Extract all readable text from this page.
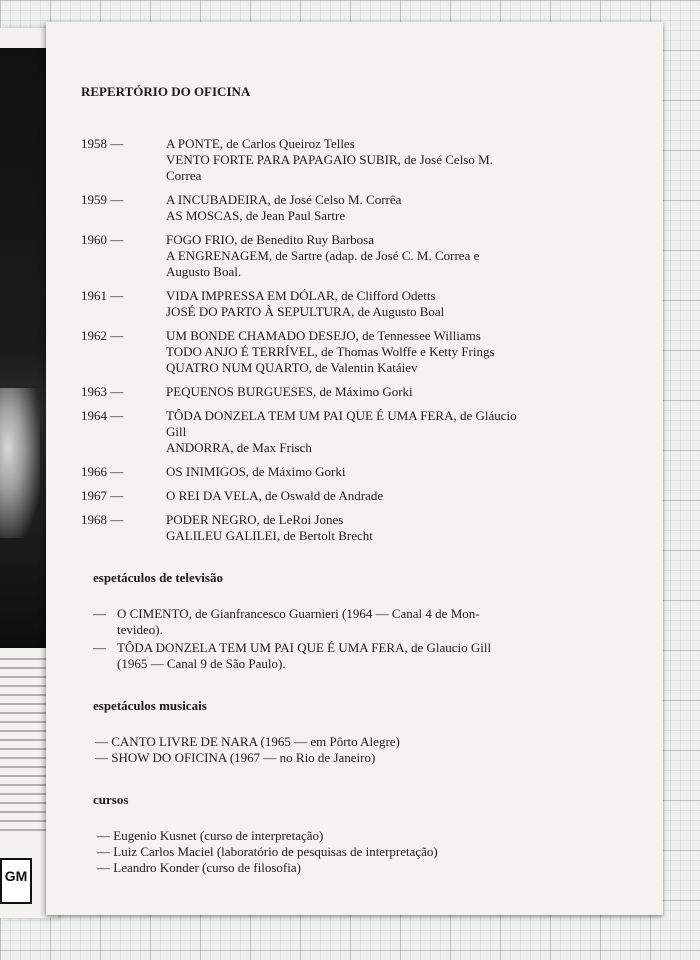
GM
REPERTÓRIO DO OFICINA
1958 —	A PONTE, de Carlos Queiroz Telles
VENTO FORTE PARA PAPAGAIO SUBIR, de José Celso M.
Correa
1959 —	A INCUBADEIRA, de José Celso M. Corrêa
AS MOSCAS, de Jean Paul Sartre
1960 —	FOGO FRIO, de Benedito Ruy Barbosa
A ENGRENAGEM, de Sartre (adap. de José C. M. Correa e
Augusto Boal.
1961 —	VIDA IMPRESSA EM DÓLAR, de Clifford Odetts
JOSÉ DO PARTO À SEPULTURA, de Augusto Boal
1962 —	UM BONDE CHAMADO DESEJO, de Tennessee Williams
TODO ANJO É TERRÍVEL, de Thomas Wolffe e Ketty Frings
QUATRO NUM QUARTO, de Valentin Katáiev
1963 —	PEQUENOS BURGUESES, de Máximo Gorki
1964 —	TÔDA DONZELA TEM UM PAI QUE É UMA FERA, de Gláucio
Gill
ANDORRA, de Max Frisch
1966 —	OS INIMIGOS, de Máximo Gorki
1967 —	O REI DA VELA, de Oswald de Andrade
1968 —	PODER NEGRO, de LeRoi Jones
GALILEU GALILEI, de Bertolt Brecht
espetáculos de televisão
— O CIMENTO, de Gianfrancesco Guarnieri (1964 — Canal 4 de Mon-
tevideo).
— TÔDA DONZELA TEM UM PAI QUE É UMA FERA, de Glaucio Gill
(1965 — Canal 9 de São Paulo).
espetáculos musicais
— CANTO LIVRE DE NARA (1965 — em Pôrto Alegre)
— SHOW DO OFICINA (1967 — no Rio de Janeiro)
cursos
— Eugenio Kusnet (curso de interpretação)
— Luiz Carlos Maciel (laboratório de pesquisas de interpretação)
— Leandro Konder (curso de filosofia)
